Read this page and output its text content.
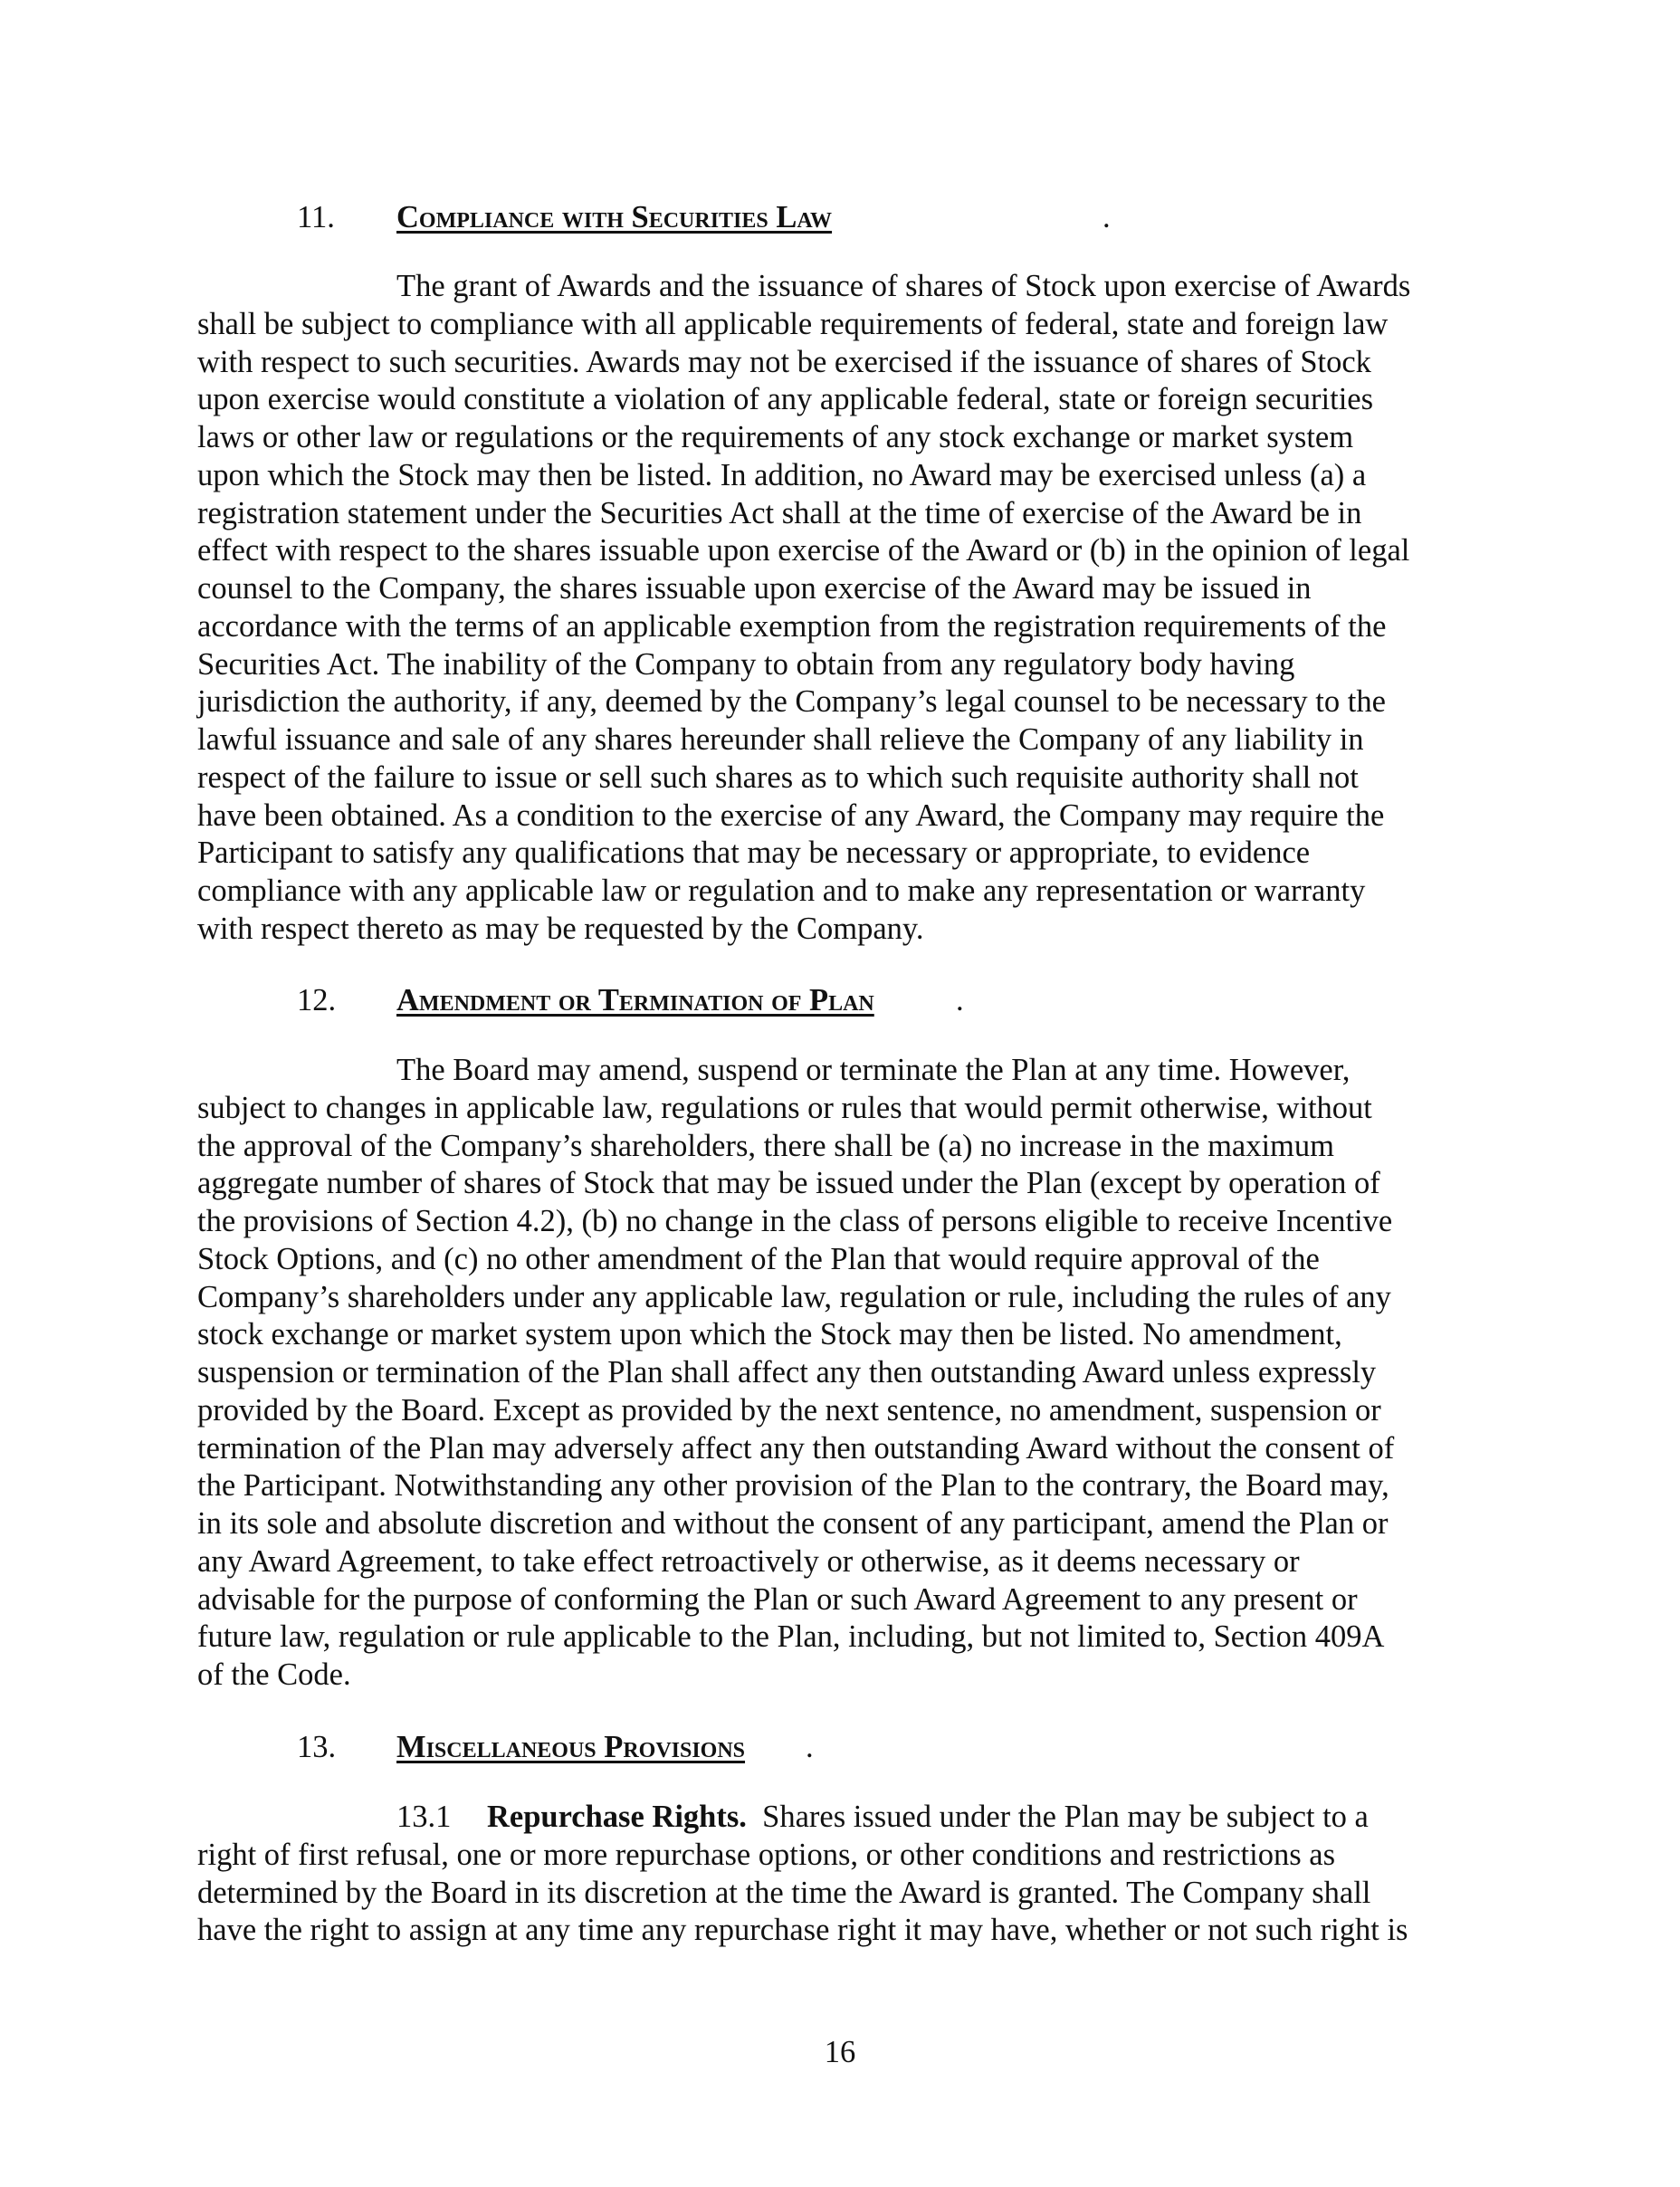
11. Compliance with Securities Law	.
The grant of Awards and the issuance of shares of Stock upon exercise of Awards
shall be subject to compliance with all applicable requirements of federal, state and foreign law
with respect to such securities. Awards may not be exercised if the issuance of shares of Stock
upon exercise would constitute a violation of any applicable federal, state or foreign securities
laws or other law or regulations or the requirements of any stock exchange or market system
upon which the Stock may then be listed. In addition, no Award may be exercised unless (a) a
registration statement under the Securities Act shall at the time of exercise of the Award be in
effect with respect to the shares issuable upon exercise of the Award or (b) in the opinion of legal
counsel to the Company, the shares issuable upon exercise of the Award may be issued in
accordance with the terms of an applicable exemption from the registration requirements of the
Securities Act. The inability of the Company to obtain from any regulatory body having
jurisdiction the authority, if any, deemed by the Company’s legal counsel to be necessary to the
lawful issuance and sale of any shares hereunder shall relieve the Company of any liability in
respect of the failure to issue or sell such shares as to which such requisite authority shall not
have been obtained. As a condition to the exercise of any Award, the Company may require the
Participant to satisfy any qualifications that may be necessary or appropriate, to evidence
compliance with any applicable law or regulation and to make any representation or warranty
with respect thereto as may be requested by the Company.
12. Amendment or Termination of Plan	.
The Board may amend, suspend or terminate the Plan at any time. However,
subject to changes in applicable law, regulations or rules that would permit otherwise, without
the approval of the Company’s shareholders, there shall be (a) no increase in the maximum
aggregate number of shares of Stock that may be issued under the Plan (except by operation of
the provisions of Section 4.2), (b) no change in the class of persons eligible to receive Incentive
Stock Options, and (c) no other amendment of the Plan that would require approval of the
Company’s shareholders under any applicable law, regulation or rule, including the rules of any
stock exchange or market system upon which the Stock may then be listed. No amendment,
suspension or termination of the Plan shall affect any then outstanding Award unless expressly
provided by the Board. Except as provided by the next sentence, no amendment, suspension or
termination of the Plan may adversely affect any then outstanding Award without the consent of
the Participant. Notwithstanding any other provision of the Plan to the contrary, the Board may,
in its sole and absolute discretion and without the consent of any participant, amend the Plan or
any Award Agreement, to take effect retroactively or otherwise, as it deems necessary or
advisable for the purpose of conforming the Plan or such Award Agreement to any present or
future law, regulation or rule applicable to the Plan, including, but not limited to, Section 409A
of the Code.
13. Miscellaneous Provisions .
13.1 Repurchase Rights.  Shares issued under the Plan may be subject to a
right of first refusal, one or more repurchase options, or other conditions and restrictions as
determined by the Board in its discretion at the time the Award is granted. The Company shall
have the right to assign at any time any repurchase right it may have, whether or not such right is
16
